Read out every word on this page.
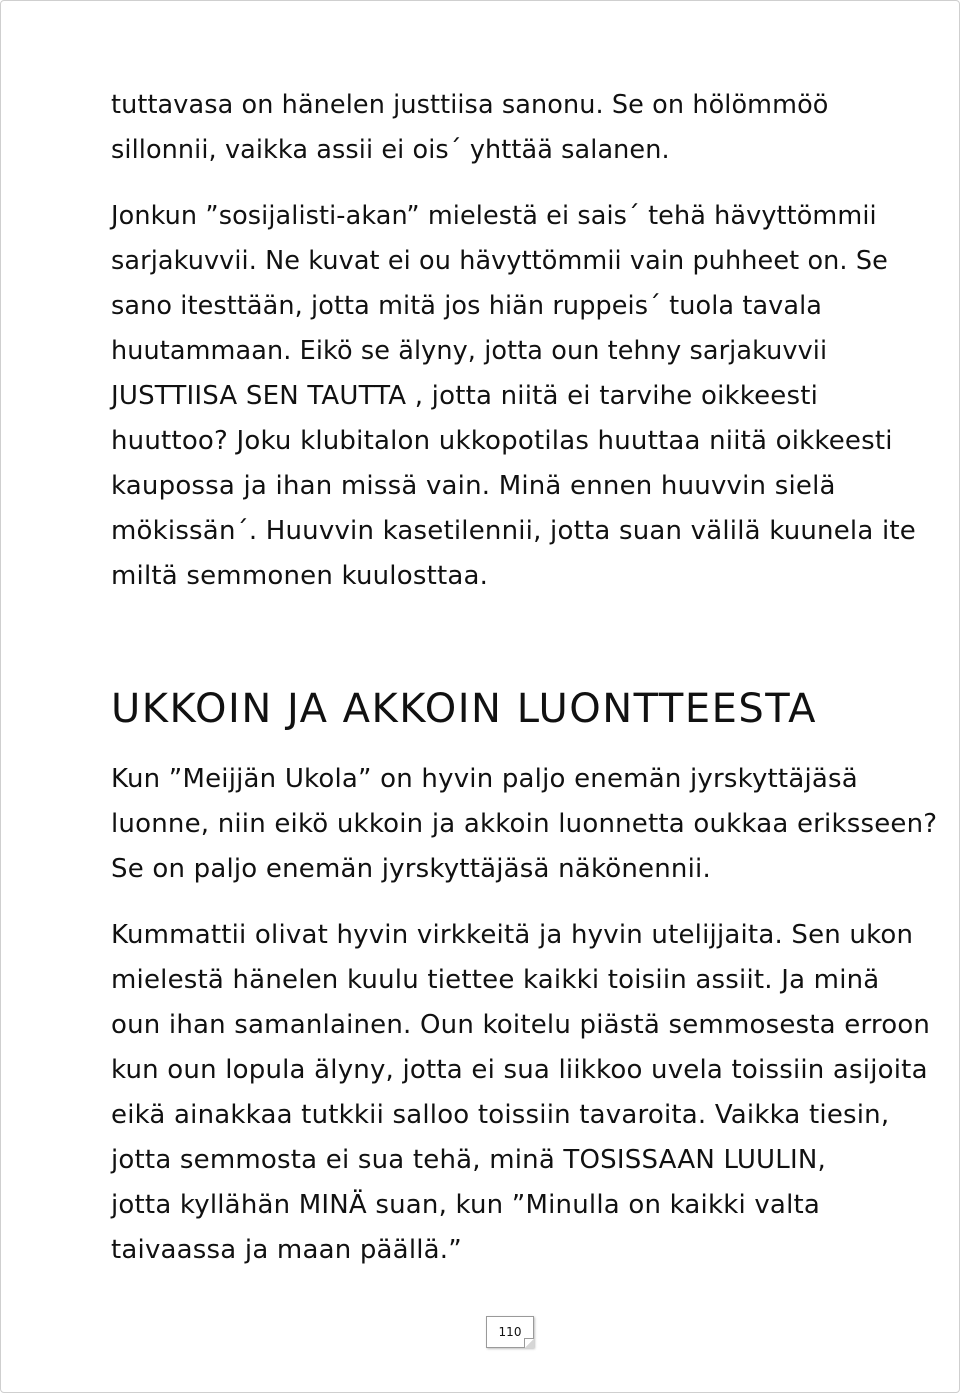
tuttavasa on hänelen justtiisa sanonu. Se on hölömmöö
sillonnii, vaikka assii ei ois´ yhttää salanen.
Jonkun ”sosijalisti-akan” mielestä ei sais´ tehä hävyttömmii
sarjakuvvii. Ne kuvat ei ou hävyttömmii vain puhheet on. Se
sano itesttään, jotta mitä jos hiän ruppeis´ tuola tavala
huutammaan. Eikö se älyny, jotta oun tehny sarjakuvvii
JUSTTIISA SEN TAUTTA , jotta niitä ei tarvihe oikkeesti
huuttoo? Joku klubitalon ukkopotilas huuttaa niitä oikkeesti
kaupossa ja ihan missä vain. Minä ennen huuvvin sielä
mökissän´. Huuvvin kasetilennii, jotta suan välilä kuunela ite
miltä semmonen kuulosttaa.
UKKOIN JA AKKOIN LUONTTEESTA
Kun ”Meijjän Ukola” on hyvin paljo enemän jyrskyttäjäsä
luonne, niin eikö ukkoin ja akkoin luonnetta oukkaa eriksseen?
Se on paljo enemän jyrskyttäjäsä näkönennii.
Kummattii olivat hyvin virkkeitä ja hyvin utelijjaita. Sen ukon
mielestä hänelen kuulu tiettee kaikki toisiin assiit. Ja minä
oun ihan samanlainen. Oun koitelu piästä semmosesta erroon
kun oun lopula älyny, jotta ei sua liikkoo uvela toissiin asijoita
eikä ainakkaa tutkkii salloo toissiin tavaroita. Vaikka tiesin,
jotta semmosta ei sua tehä, minä TOSISSAAN LUULIN,
jotta kyllähän MINÄ suan, kun ”Minulla on kaikki valta
taivaassa ja maan päällä.”
110
